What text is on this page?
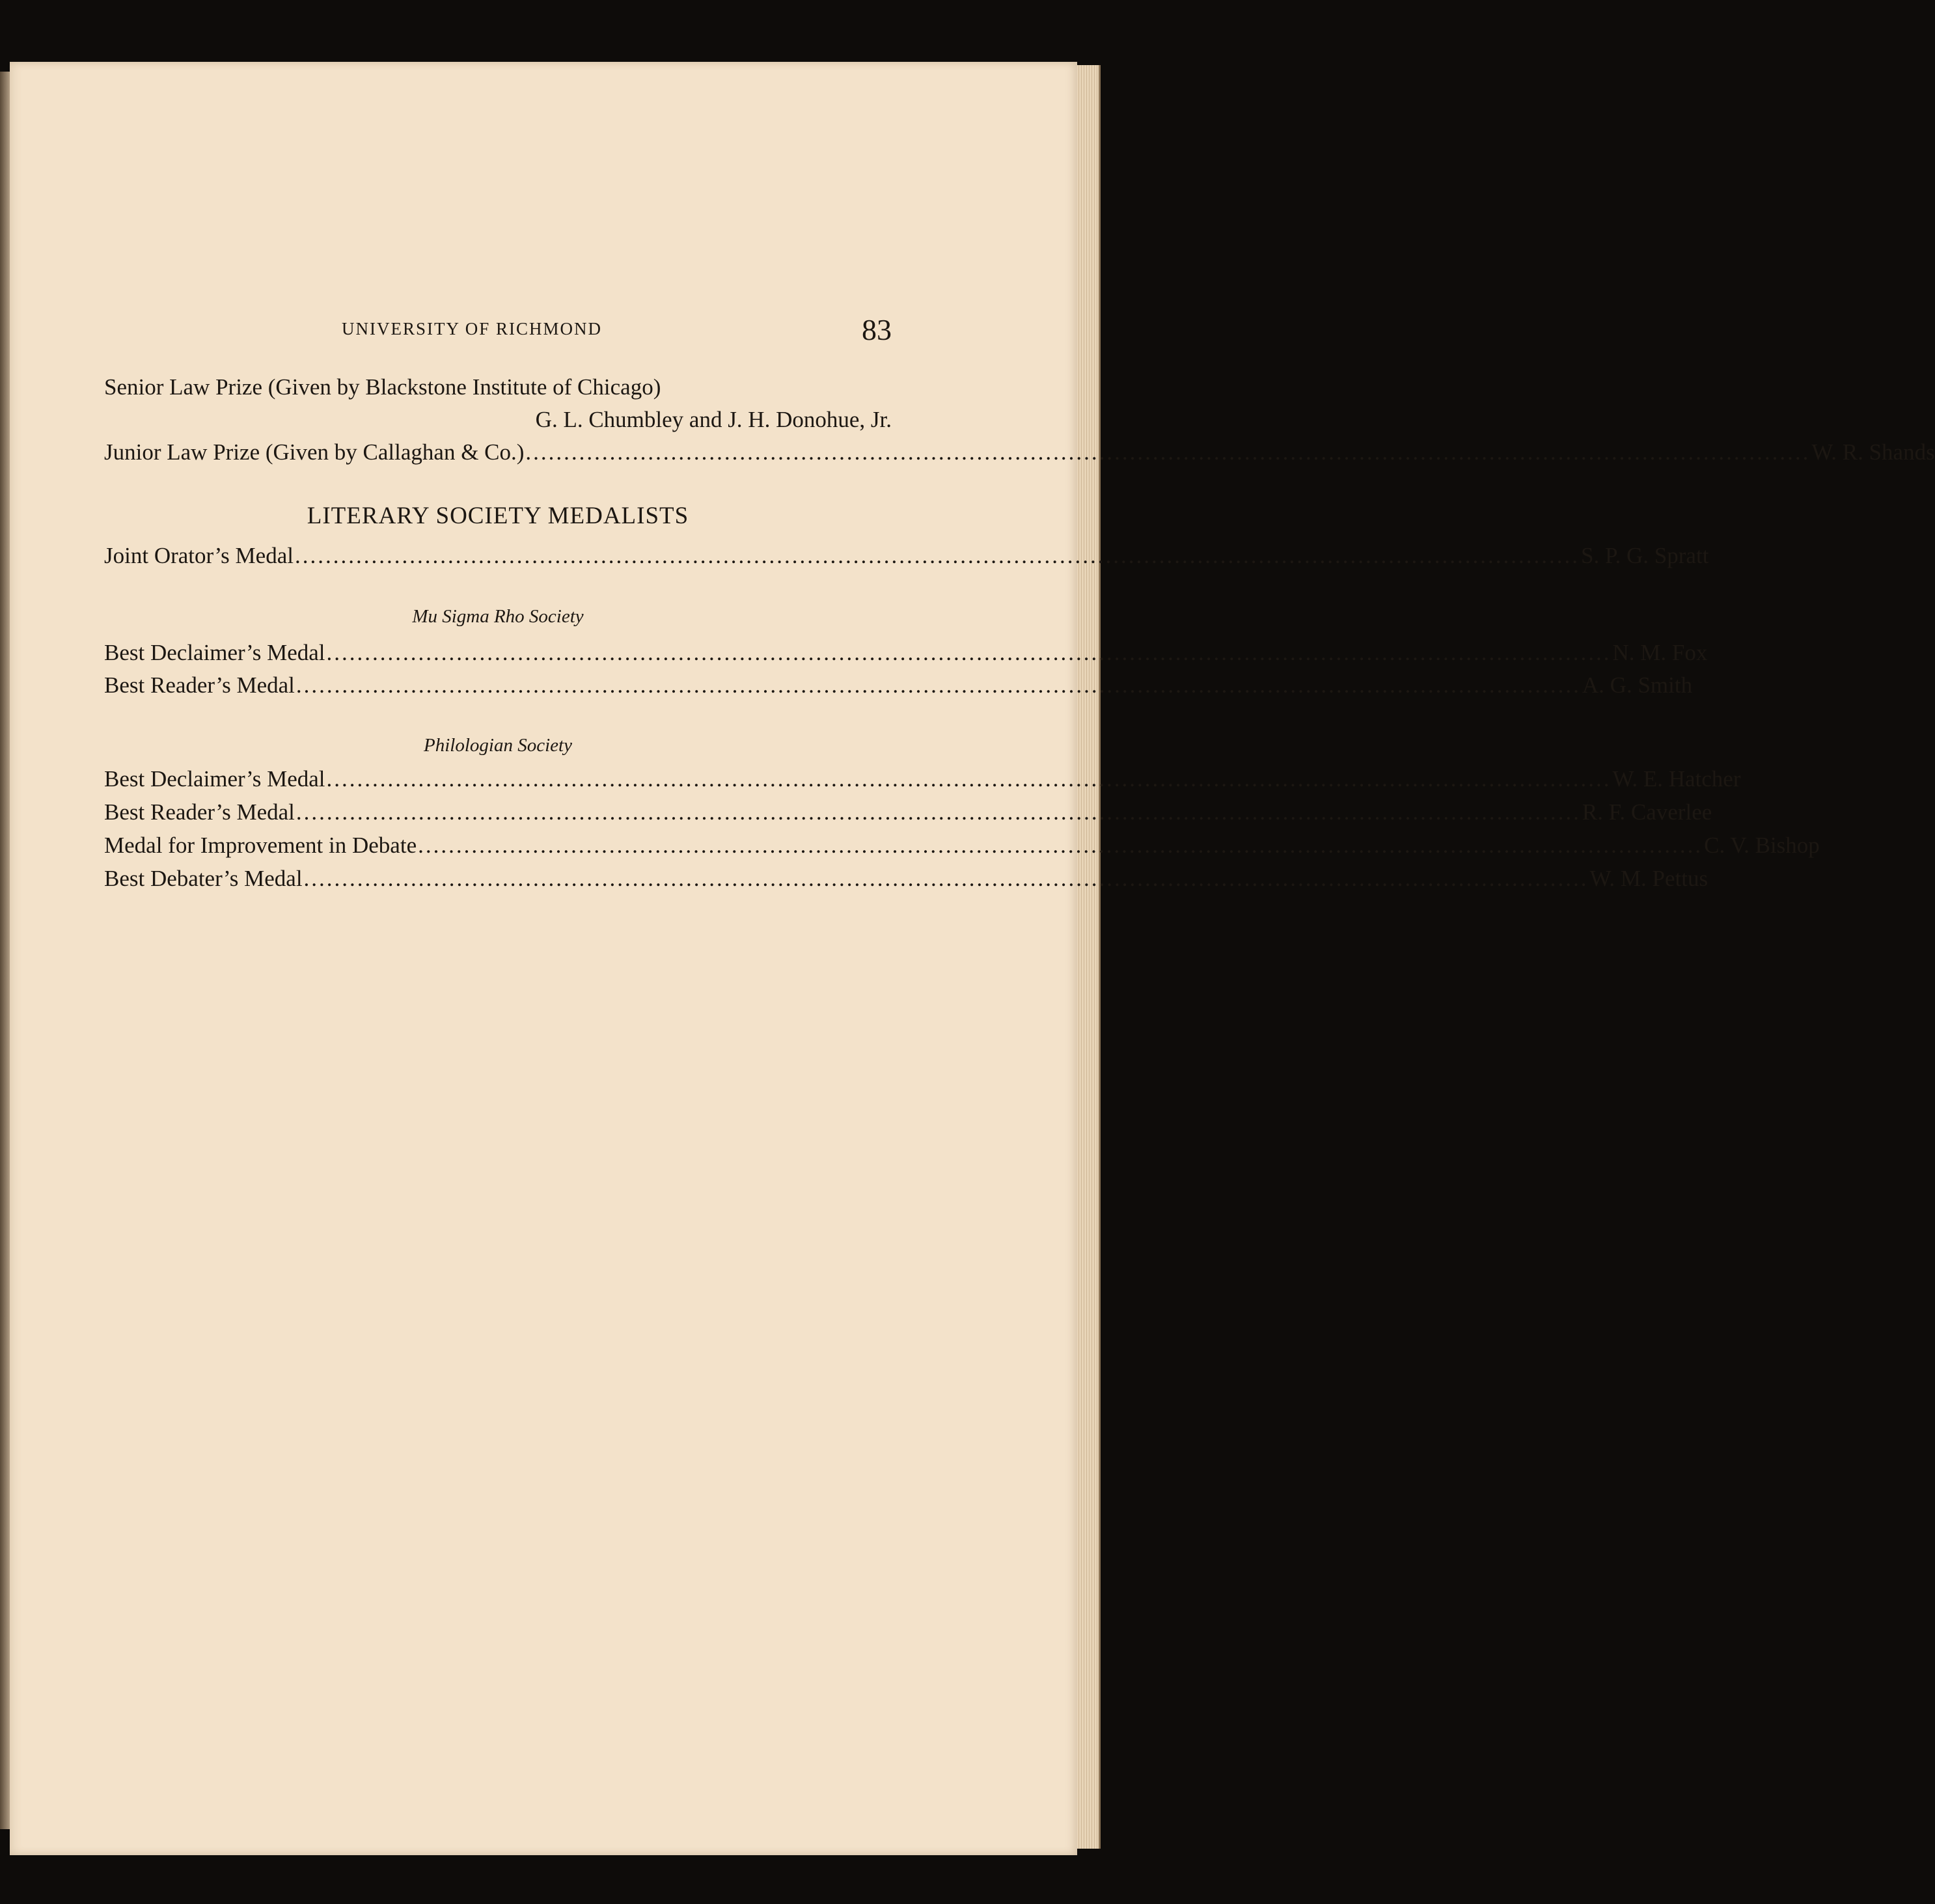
UNIVERSITY OF RICHMOND	83
Senior Law Prize (Given by Blackstone Institute of Chicago)
G. L. Chumbley and J. H. Donohue, Jr.
Junior Law Prize (Given by Callaghan & Co.) ........................................................................................................................................................................ W. R. Shands
LITERARY SOCIETY MEDALISTS
Joint Orator’s Medal ........................................................................................................................................................................ S. P. G. Spratt
Mu Sigma Rho Society
Best Declaimer’s Medal ........................................................................................................................................................................ N. M. Fox
Best Reader’s Medal ........................................................................................................................................................................ A. G. Smith
Philologian Society
Best Declaimer’s Medal ........................................................................................................................................................................ W. E. Hatcher
Best Reader’s Medal ........................................................................................................................................................................ R. F. Caverlee
Medal for Improvement in Debate ........................................................................................................................................................................ C. V. Bishop
Best Debater’s Medal ........................................................................................................................................................................ W. M. Pettus
